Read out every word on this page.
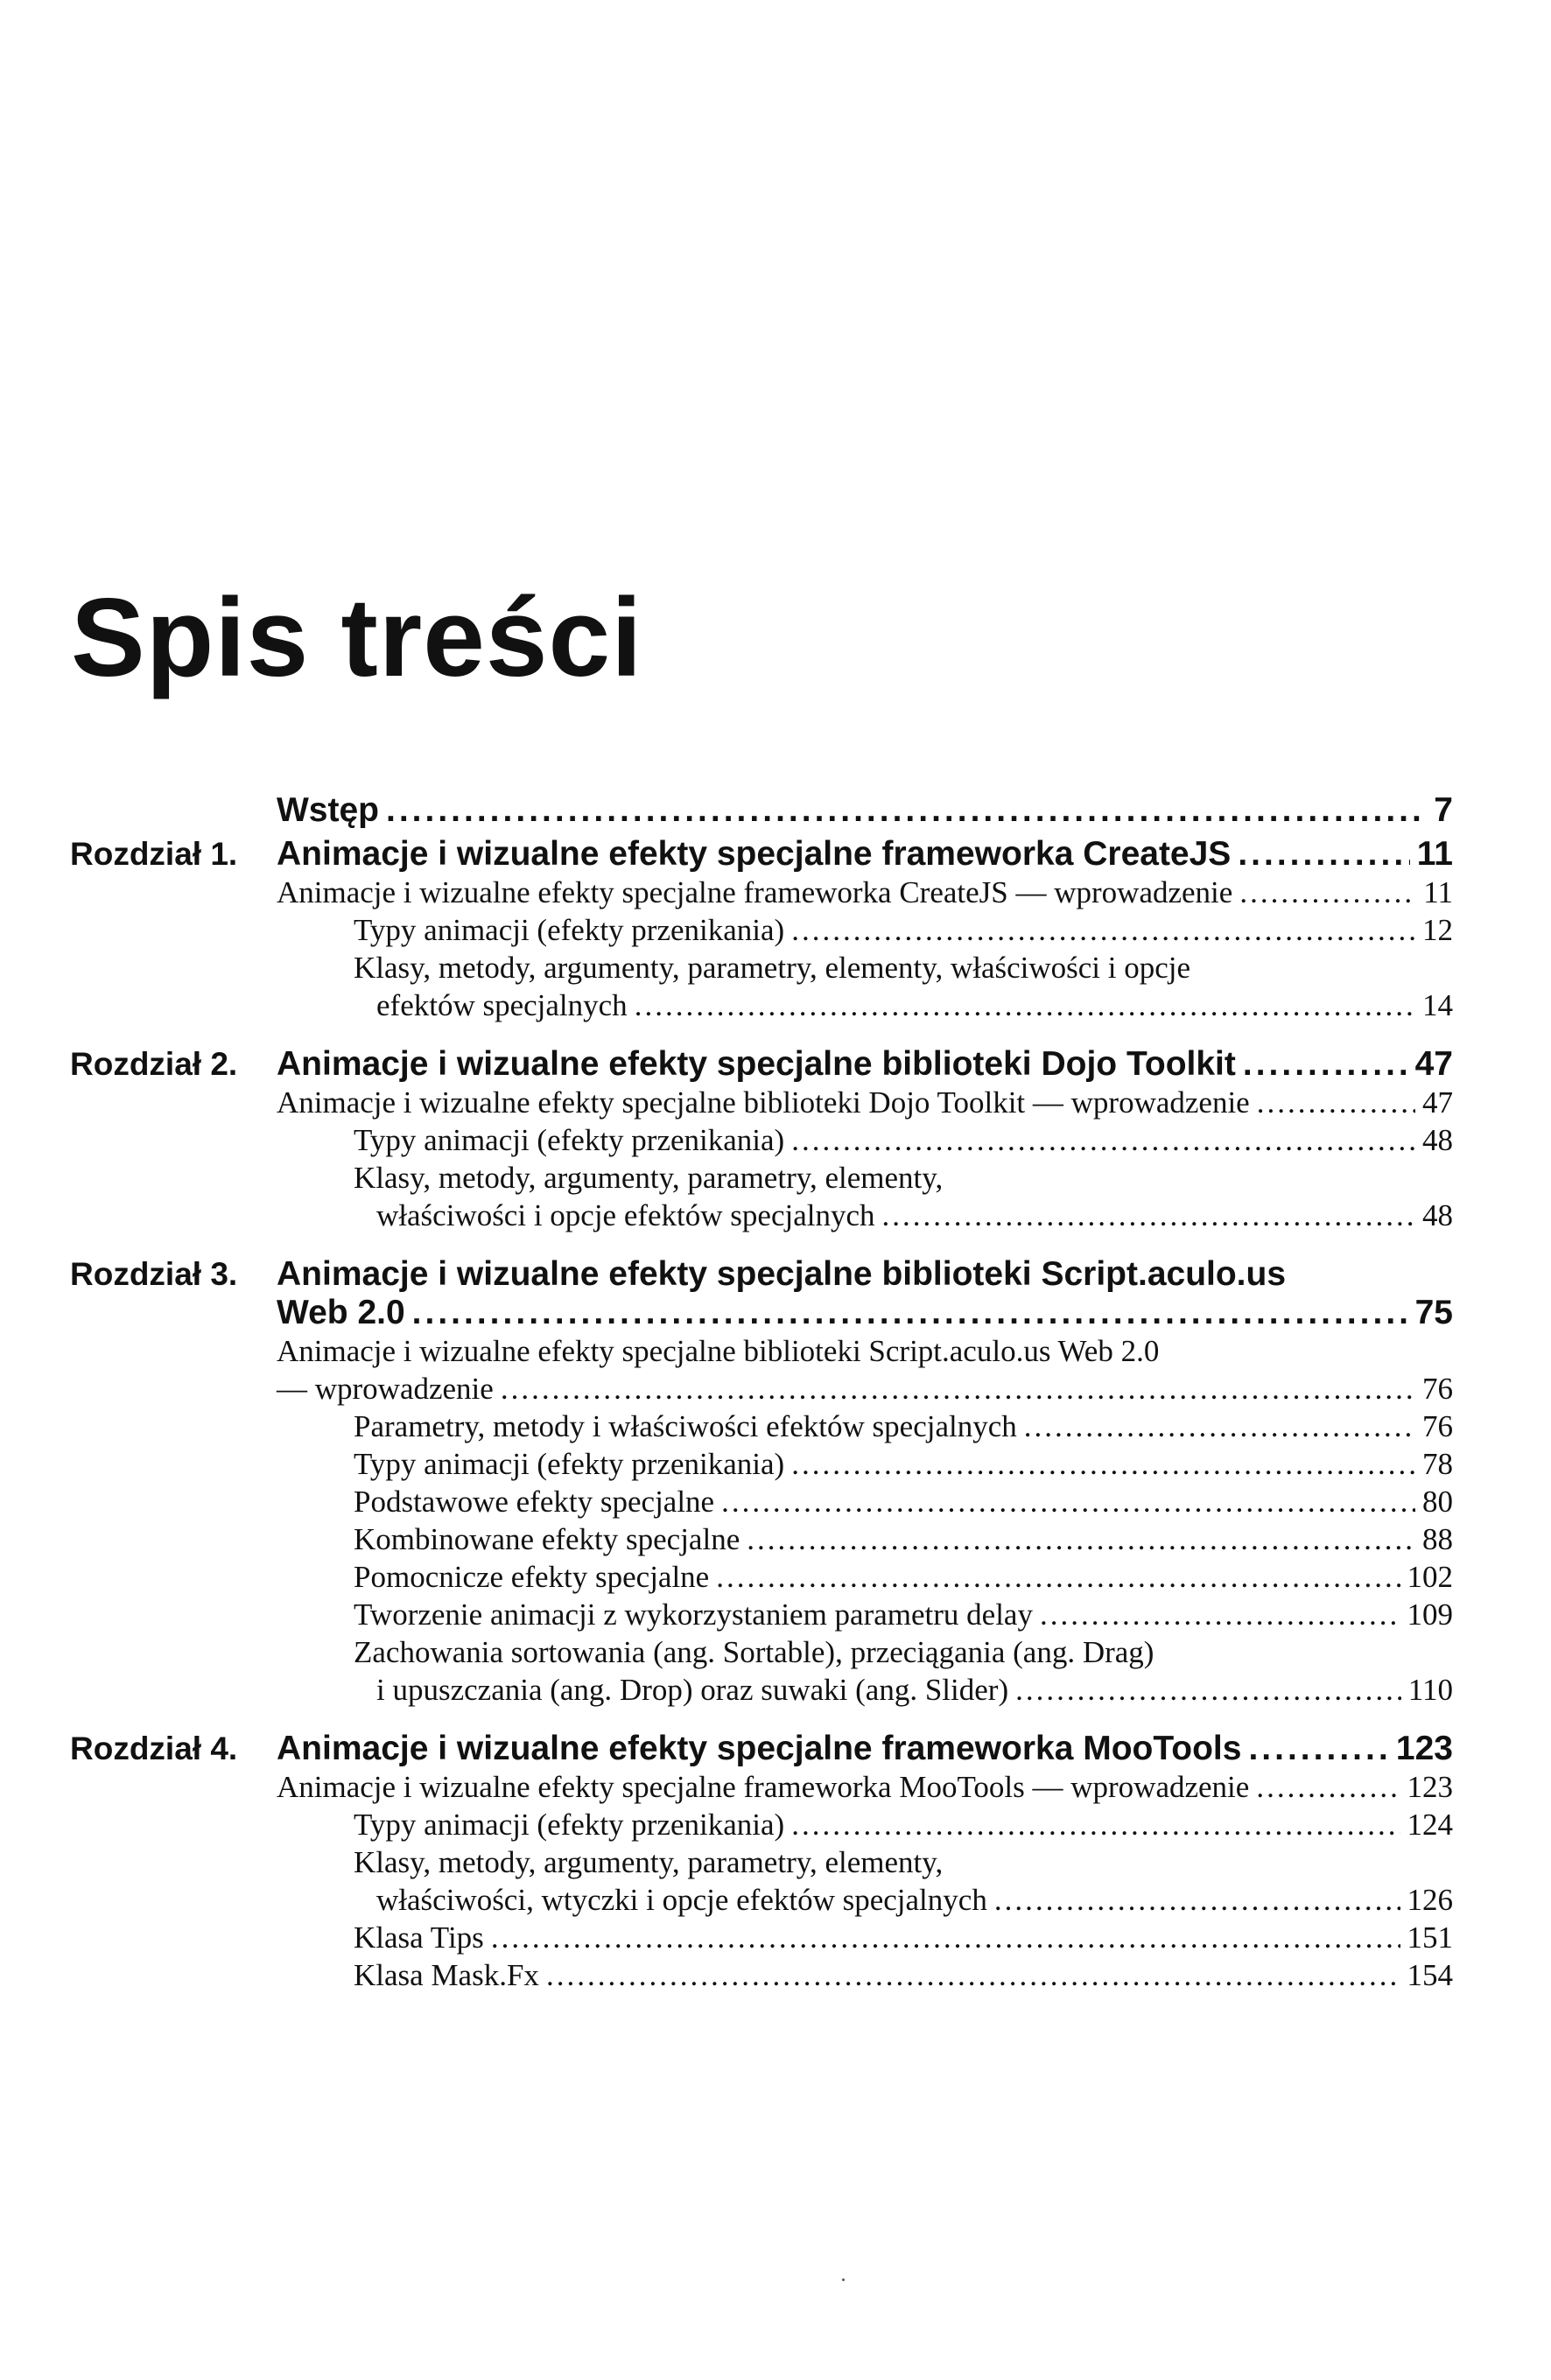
Spis treści
Wstęp .....	7
Rozdział 1. Animacje i wizualne efekty specjalne frameworka CreateJS .....	11
Animacje i wizualne efekty specjalne frameworka CreateJS — wprowadzenie .....	11
Typy animacji (efekty przenikania) .....	12
Klasy, metody, argumenty, parametry, elementy, właściwości i opcje
efektów specjalnych .....	14
Rozdział 2. Animacje i wizualne efekty specjalne biblioteki Dojo Toolkit .....	47
Animacje i wizualne efekty specjalne biblioteki Dojo Toolkit — wprowadzenie .....	47
Typy animacji (efekty przenikania) .....	48
Klasy, metody, argumenty, parametry, elementy,
właściwości i opcje efektów specjalnych .....	48
Rozdział 3. Animacje i wizualne efekty specjalne biblioteki Script.aculo.us
Web 2.0 .....	75
Animacje i wizualne efekty specjalne biblioteki Script.aculo.us Web 2.0
— wprowadzenie .....	76
Parametry, metody i właściwości efektów specjalnych .....	76
Typy animacji (efekty przenikania) .....	78
Podstawowe efekty specjalne .....	80
Kombinowane efekty specjalne .....	88
Pomocnicze efekty specjalne .....	102
Tworzenie animacji z wykorzystaniem parametru delay .....	109
Zachowania sortowania (ang. Sortable), przeciągania (ang. Drag)
i upuszczania (ang. Drop) oraz suwaki (ang. Slider) .....	110
Rozdział 4. Animacje i wizualne efekty specjalne frameworka MooTools .....	123
Animacje i wizualne efekty specjalne frameworka MooTools — wprowadzenie .....	123
Typy animacji (efekty przenikania) .....	124
Klasy, metody, argumenty, parametry, elementy,
właściwości, wtyczki i opcje efektów specjalnych .....	126
Klasa Tips .....	151
Klasa Mask.Fx .....	154
